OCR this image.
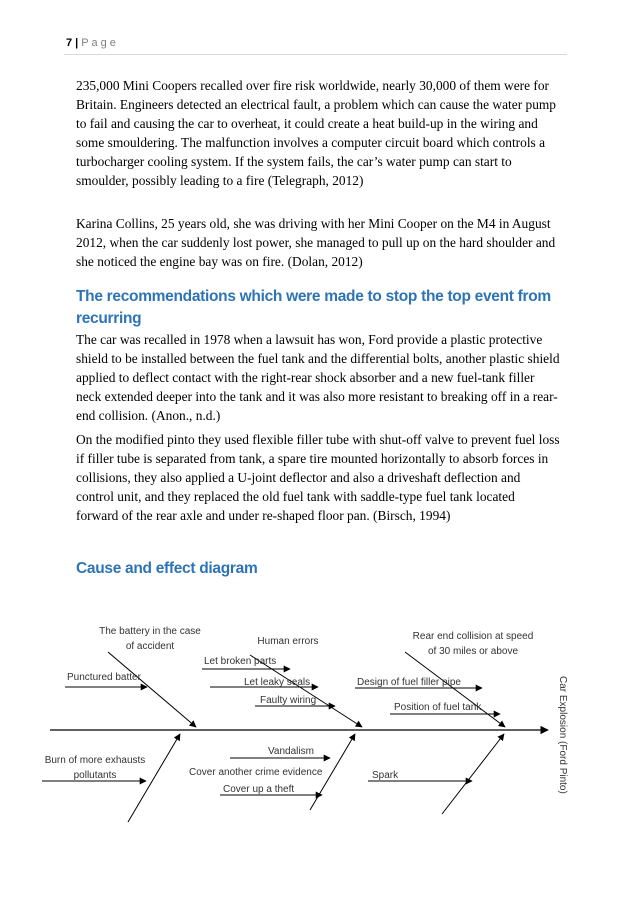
7 | Page

235,000 Mini Coopers recalled over fire risk worldwide, nearly 30,000 of them were for Britain. Engineers detected an electrical fault, a problem which can cause the water pump to fail and causing the car to overheat, it could create a heat build-up in the wiring and some smouldering. The malfunction involves a computer circuit board which controls a turbocharger cooling system. If the system fails, the car’s water pump can start to smoulder, possibly leading to a fire (Telegraph, 2012)

Karina Collins, 25 years old, she was driving with her Mini Cooper on the M4 in August 2012, when the car suddenly lost power, she managed to pull up on the hard shoulder and she noticed the engine bay was on fire. (Dolan, 2012)

The recommendations which were made to stop the top event from recurring

The car was recalled in 1978 when a lawsuit has won, Ford provide a plastic protective shield to be installed between the fuel tank and the differential bolts, another plastic shield applied to deflect contact with the right-rear shock absorber and a new fuel-tank filler neck extended deeper into the tank and it was also more resistant to breaking off in a rear-end collision. (Anon., n.d.)

On the modified pinto they used flexible filler tube with shut-off valve to prevent fuel loss if filler tube is separated from tank, a spare tire mounted horizontally to absorb forces in collisions, they also applied a U-joint deflector and also a driveshaft deflection and control unit, and they replaced the old fuel tank with saddle-type fuel tank located forward of the rear axle and under re-shaped floor pan. (Birsch, 1994)

Cause and effect diagram
Car Explosion (Ford Pinto)
The battery in the case
of accident
Punctured batter
Human errors
Let broken parts
Let leaky seals
Faulty wiring
Rear end collision at speed
of 30 miles or above
Design of fuel filler pipe
Position of fuel tank
Burn of more exhausts
pollutants
Vandalism
Cover another crime evidence
Cover up a theft
Spark
